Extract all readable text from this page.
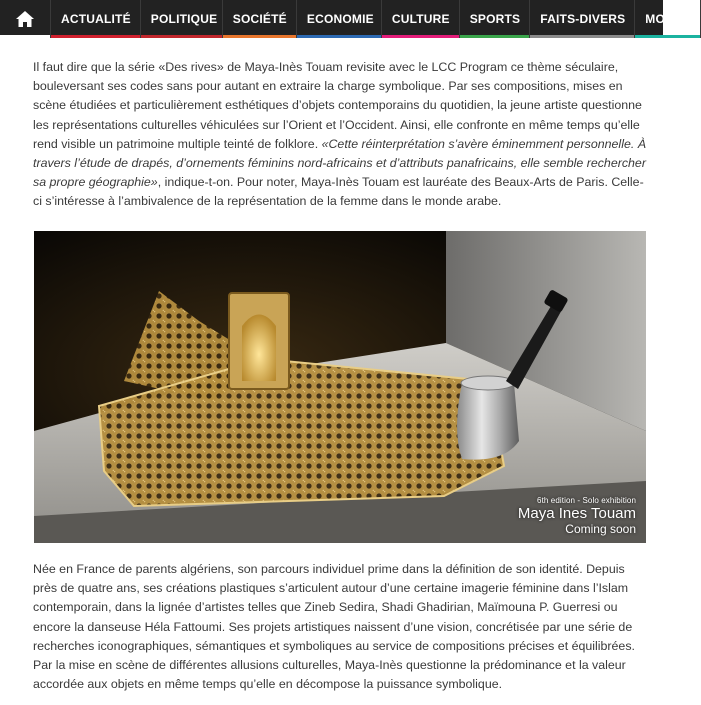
ACTUALITÉ POLITIQUE SOCIÉTÉ ECONOMIE CULTURE SPORTS FAITS-DIVERS MONDE

Il faut dire que la série «Des rives» de Maya-Inès Touam revisite avec le LCC Program ce thème séculaire, bouleversant ses codes sans pour autant en extraire la charge symbolique. Par ses compositions, mises en scène étudiées et particulièrement esthétiques d’objets contemporains du quotidien, la jeune artiste questionne les représentations culturelles véhiculées sur l’Orient et l’Occident. Ainsi, elle confronte en même temps qu’elle rend visible un patrimoine multiple teinté de folklore. «Cette réinterprétation s’avère éminemment personnelle. À travers l’étude de drapés, d’ornements féminins nord-africains et d’attributs panafricains, elle semble rechercher sa propre géographie», indique-t-on. Pour noter, Maya-Inès Touam est lauréate des Beaux-Arts de Paris. Celle-ci s’intéresse à l’ambivalence de la représentation de la femme dans le monde arabe.

6th edition - Solo exhibition
Maya Ines Touam
Coming soon

Née en France de parents algériens, son parcours individuel prime dans la définition de son identité. Depuis près de quatre ans, ses créations plastiques s’articulent autour d’une certaine imagerie féminine dans l’Islam contemporain, dans la lignée d’artistes telles que Zineb Sedira, Shadi Ghadirian, Maïmouna P. Guerresi ou encore la danseuse Héla Fattoumi. Ses projets artistiques naissent d’une vision, concrétisée par une série de recherches iconographiques, sémantiques et symboliques au service de compositions précises et équilibrées. Par la mise en scène de différentes allusions culturelles, Maya-Inès questionne la prédominance et la valeur accordée aux objets en même temps qu’elle en décompose la puissance symbolique.
